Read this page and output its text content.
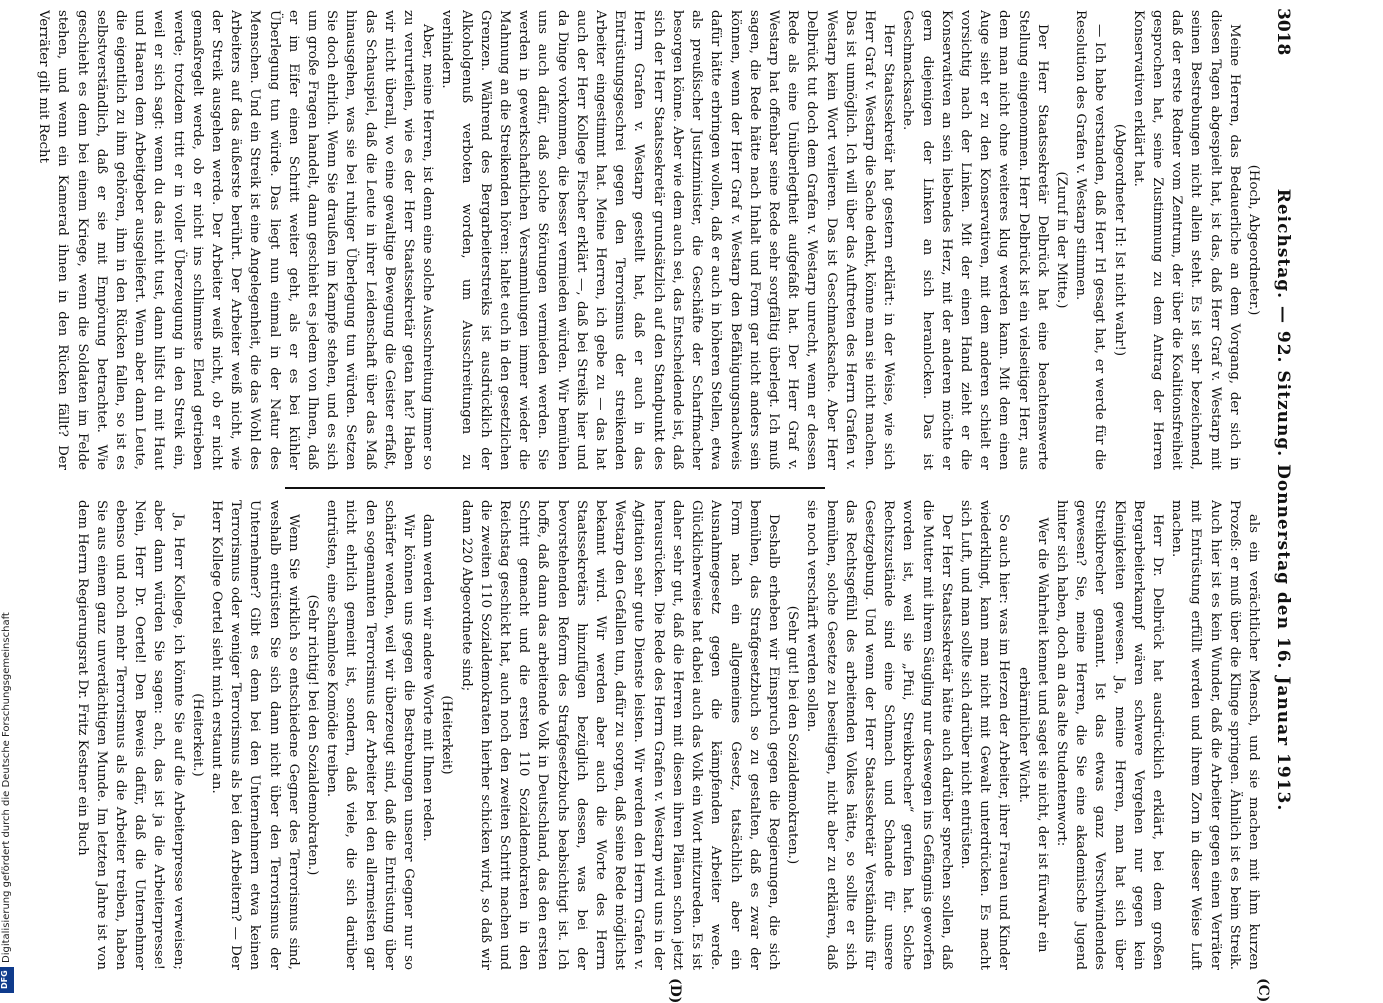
3018
Reichstag. — 92. Sitzung. Donnerstag den 16. Januar 1913.
(C)
(D)

(Hoch, Abgeordneter.)

Meine Herren, das Bedauerliche an dem Vorgang, der sich in diesen Tagen abgespielt hat, ist das, daß Herr Graf v. Westarp mit seinen Bestrebungen nicht allein steht. Es ist sehr bezeichnend, daß der erste Redner vom Zentrum, der über die Koalitionsfreiheit gesprochen hat, seine Zustimmung zu dem Antrag der Herren Konservativen erklärt hat.

(Abgeordneter Irl: Ist nicht wahr!)

— Ich habe verstanden, daß Herr Irl gesagt hat, er werde für die Resolution des Grafen v. Westarp stimmen.

(Zuruf in der Mitte.)

Der Herr Staatssekretär Delbrück hat eine beachtenswerte Stellung eingenommen. Herr Delbrück ist ein vielseitiger Herr, aus dem man nicht ohne weiteres klug werden kann. Mit dem einen Auge sieht er zu den Konservativen, mit dem anderen schielt er vorsichtig nach der Linken. Mit der einen Hand zieht er die Konservativen an sein liebendes Herz, mit der anderen möchte er gern diejenigen der Linken an sich heranlocken. Das ist Geschmacksache.

Herr Staatssekretär hat gestern erklärt: in der Weise, wie sich Herr Graf v. Westarp die Sache denkt, könne man sie nicht machen. Das ist unmöglich. Ich will über das Auftreten des Herrn Grafen v. Westarp kein Wort verlieren. Das ist Geschmacksache. Aber Herr Delbrück tut doch dem Grafen v. Westarp unrecht, wenn er dessen Rede als eine Unüberlegtheit aufgefaßt hat. Der Herr Graf v. Westarp hat offenbar seine Rede sehr sorgfältig überlegt. Ich muß sagen, die Rede hätte nach Inhalt und Form gar nicht anders sein können, wenn der Herr Graf v. Westarp den Befähigungsnachweis dafür hätte erbringen wollen, daß er auch in höheren Stellen, etwa als preußischer Justizminister, die Geschäfte der Scharfmacher besorgen könne. Aber wie dem auch sei, das Entscheidende ist, daß sich der Herr Staatssekretär grundsätzlich auf den Standpunkt des Herrn Grafen v. Westarp gestellt hat, daß er auch in das Entrüstungsgeschrei gegen den Terrorismus der streikenden Arbeiter eingestimmt hat. Meine Herren, ich gebe zu — das hat auch der Herr Kollege Fischer erklärt —, daß bei Streiks hier und da Dinge vorkommen, die besser vermieden würden. Wir bemühen uns auch dafür, daß solche Störungen vermieden werden. Sie werden in gewerkschaftlichen Versammlungen immer wieder die Mahnung an die Streikenden hören: haltet euch in den gesetzlichen Grenzen. Während des Bergarbeiterstreiks ist ausdrücklich der Alkoholgenuß verboten worden, um Ausschreitungen zu verhindern.

Aber, meine Herren, ist denn eine solche Ausschreitung immer so zu verurteilen, wie es der Herr Staatssekretär getan hat? Haben wir nicht überall, wo eine gewaltige Bewegung die Geister erfaßt, das Schauspiel, daß die Leute in ihrer Leidenschaft über das Maß hinausgehen, was sie bei ruhiger Überlegung tun würden. Setzen Sie doch ehrlich. Wenn Sie draußen im Kampfe stehen, und es sich um große Fragen handelt, dann geschieht es jedem von Ihnen, daß er im Eifer einen Schritt weiter geht, als er es bei kühler Überlegung tun würde. Das liegt nun einmal in der Natur des Menschen. Und ein Streik ist eine Angelegenheit, die das Wohl des Arbeiters auf das äußerste berührt. Der Arbeiter weiß nicht, wie der Streik ausgehen werde. Der Arbeiter weiß nicht, ob er nicht gemaßregelt werde, ob er nicht ins schlimmste Elend getrieben werde; trotzdem tritt er in voller Überzeugung in den Streik ein, weil er sich sagt: wenn du das nicht tust, dann hilfst du mit Haut und Haaren dem Arbeitgeber ausgeliefert. Wenn aber dann Leute, die eigentlich zu ihm gehören, ihm in den Rücken fallen, so ist es selbstverständlich, daß er sie mit Empörung betrachtet. Wie geschieht es denn bei einem Kriege, wenn die Soldaten im Felde stehen, und wenn ein Kamerad ihnen in den Rücken fällt? Der Verräter gilt mit Recht

als ein verächtlicher Mensch, und sie machen mit ihm kurzen Prozeß: er muß über die Klinge springen. Ähnlich ist es beim Streik. Auch hier ist es kein Wunder, daß die Arbeiter gegen einen Verräter mit Entrüstung erfüllt werden und ihrem Zorn in dieser Weise Luft machen.

Herr Dr. Delbrück hat ausdrücklich erklärt, bei dem großen Bergarbeiterkampf wären schwere Vergehen nur gegen kein Kleinigkeiten gewesen. Ja, meine Herren, man hat sich über Streikbrecher genannt. Ist das etwas ganz Verschwindendes gewesen? Sie, meine Herren, die Sie eine akademische Jugend hinter sich haben, doch an das alte Studentenwort:

Wer die Wahrheit kennet und saget sie nicht, der ist fürwahr ein erbärmlicher Wicht.

So auch hier: was im Herzen der Arbeiter, ihrer Frauen und Kinder wiederklingt, kann man nicht mit Gewalt unterdrücken. Es macht sich Luft, und man sollte sich darüber nicht entrüsten.

Der Herr Staatssekretär hätte auch darüber sprechen sollen, daß die Mutter mit ihrem Säugling nur deswegen ins Gefängnis geworfen worden ist, weil sie „Pfui, Streikbrecher“ gerufen hat. Solche Rechtszustände sind eine Schmach und Schande für unsere Gesetzgebung. Und wenn der Herr Staatssekretär Verständnis für das Rechtsgefühl des arbeitenden Volkes hätte, so sollte er sich bemühen, solche Gesetze zu beseitigen, nicht aber zu erklären, daß sie noch verschärft werden sollen.

(Sehr gut! bei den Sozialdemokraten.)

Deshalb erheben wir Einspruch gegen die Regierungen, die sich bemühen, das Strafgesetzbuch so zu gestalten, daß es zwar der Form nach ein allgemeines Gesetz, tatsächlich aber ein Ausnahmegesetz gegen die kämpfenden Arbeiter werde. Glücklicherweise hat dabei auch das Volk ein Wort mitzureden. Es ist daher sehr gut, daß die Herren mit diesen ihren Plänen schon jetzt herausrücken. Die Rede des Herrn Grafen v. Westarp wird uns in der Agitation sehr gute Dienste leisten. Wir werden den Herrn Grafen v. Westarp den Gefallen tun, dafür zu sorgen, daß seine Rede möglichst bekannt wird. Wir werden aber auch die Worte des Herrn Staatssekretärs hinzufügen bezüglich dessen, was bei der bevorstehenden Reform des Strafgesetzbuchs beabsichtigt ist. Ich hoffe, daß dann das arbeitende Volk in Deutschland, das den ersten Schritt gemacht und die ersten 110 Sozialdemokraten in den Reichstag geschickt hat, auch noch den zweiten Schritt machen und die zweiten 110 Sozialdemokraten hierher schicken wird, so daß wir dann 220 Abgeordnete sind;

(Heiterkeit)

dann werden wir andere Worte mit Ihnen reden.

Wir können uns gegen die Bestrebungen unserer Gegner nur so schärfer wenden, weil wir überzeugt sind, daß die Entrüstung über den sogenannten Terrorismus der Arbeiter bei den allermeisten gar nicht ehrlich gemeint ist, sondern, daß viele, die sich darüber entrüsten, eine schamlose Komödie treiben.

(Sehr richtig! bei den Sozialdemokraten.)

Wenn Sie wirklich so entschiedene Gegner des Terrorismus sind, weshalb entrüsten Sie sich dann nicht über den Terrorismus der Unternehmer? Gibt es denn bei den Unternehmern etwa keinen Terrorismus oder weniger Terrorismus als bei den Arbeitern? — Der Herr Kollege Oertel sieht mich erstaunt an.

(Heiterkeit.)

Ja, Herr Kollege, ich könnte Sie auf die Arbeiterpresse verweisen; aber dann würden Sie sagen: ach, das ist ja die Arbeiterpresse! Nein, Herr Dr. Oertel! Den Beweis dafür, daß die Unternehmer ebenso und noch mehr Terrorismus als die Arbeiter treiben, haben Sie aus einem ganz unverdächtigen Munde. Im letzten Jahre ist von dem Herrn Regierungsrat Dr. Fritz Kestner ein Buch

Digitalisierung gefördert durch die Deutsche Forschungsgemeinschaft
DFG
